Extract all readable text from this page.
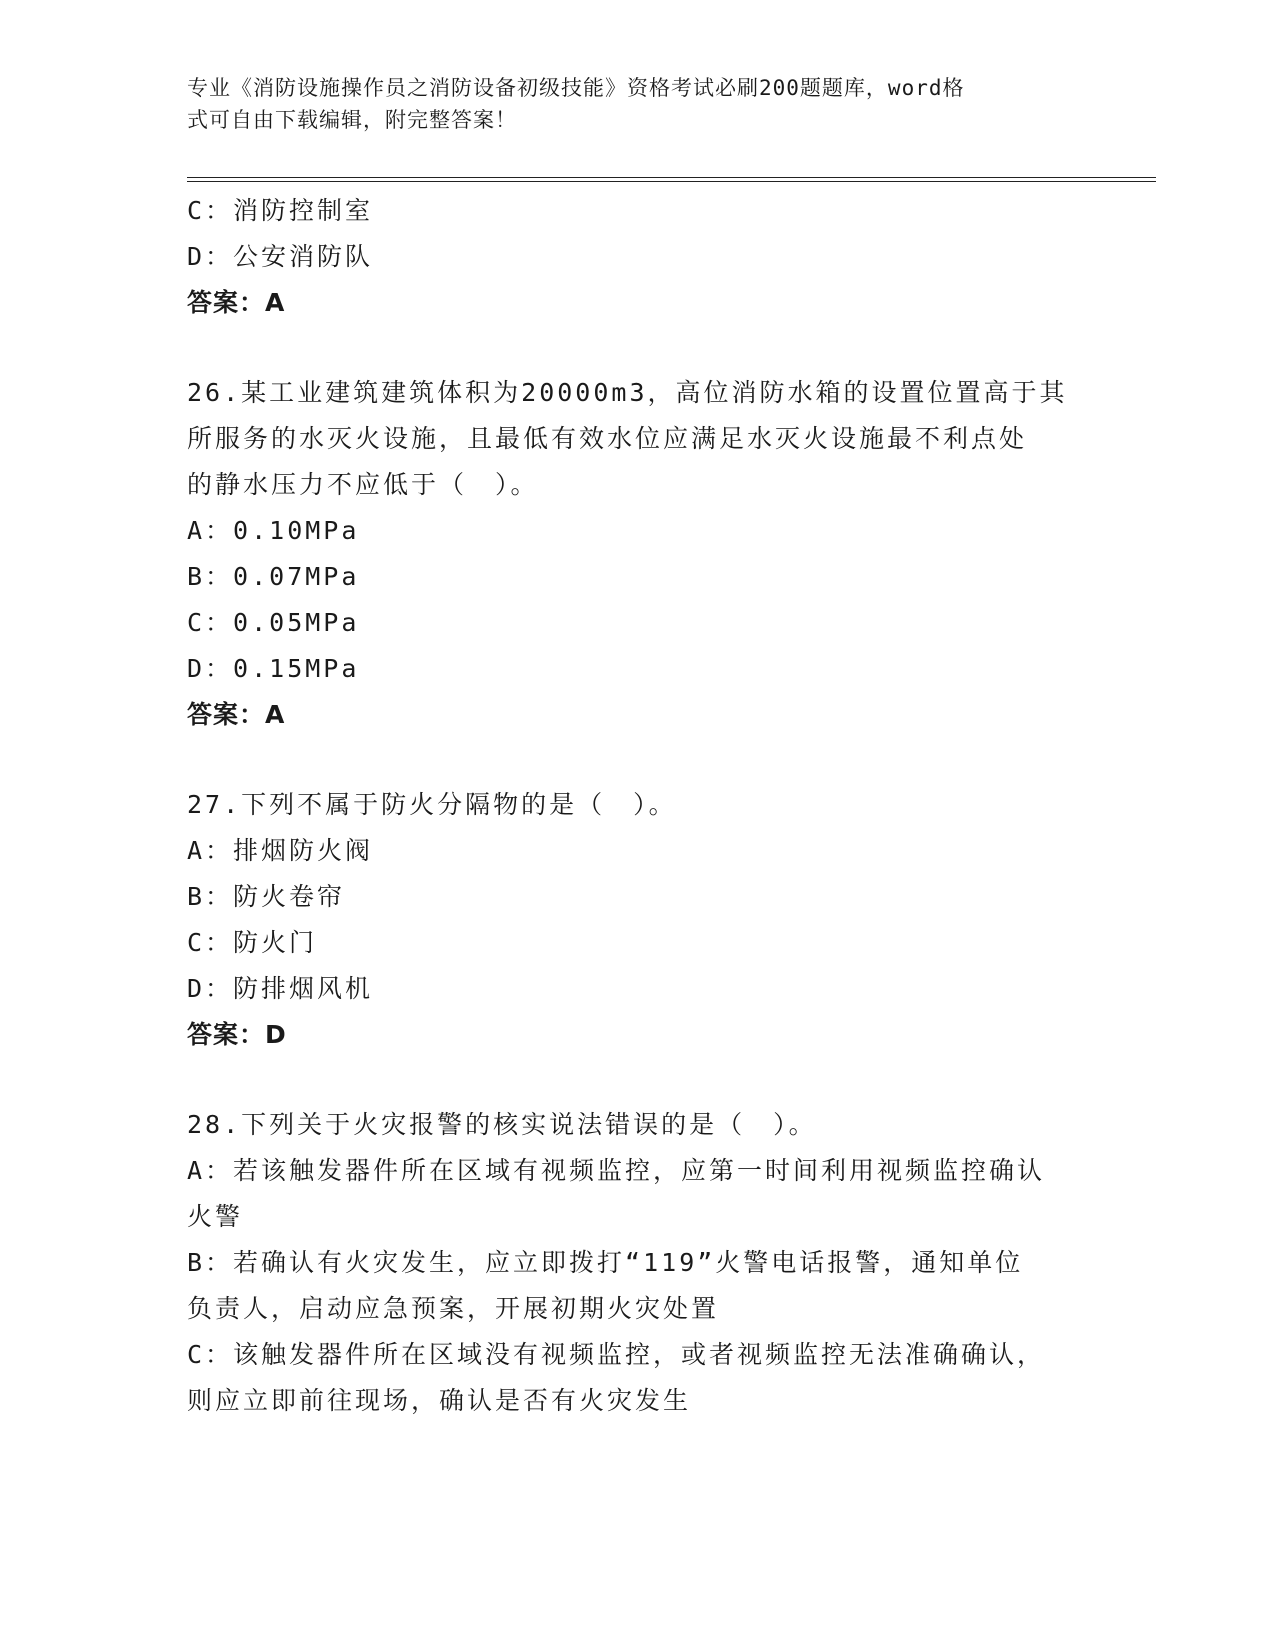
专业《消防设施操作员之消防设备初级技能》资格考试必刷200题题库，word格
式可自由下载编辑，附完整答案！
C：消防控制室
D：公安消防队
答案：A
26.某工业建筑建筑体积为20000m3，高位消防水箱的设置位置高于其
所服务的水灭火设施，且最低有效水位应满足水灭火设施最不利点处
的静水压力不应低于（　）。
A：0.10MPa
B：0.07MPa
C：0.05MPa
D：0.15MPa
答案：A
27.下列不属于防火分隔物的是（　）。
A：排烟防火阀
B：防火卷帘
C：防火门
D：防排烟风机
答案：D
28.下列关于火灾报警的核实说法错误的是（　）。
A：若该触发器件所在区域有视频监控，应第一时间利用视频监控确认
火警
B：若确认有火灾发生，应立即拨打“119”火警电话报警，通知单位
负责人，启动应急预案，开展初期火灾处置
C：该触发器件所在区域没有视频监控，或者视频监控无法准确确认，
则应立即前往现场，确认是否有火灾发生
